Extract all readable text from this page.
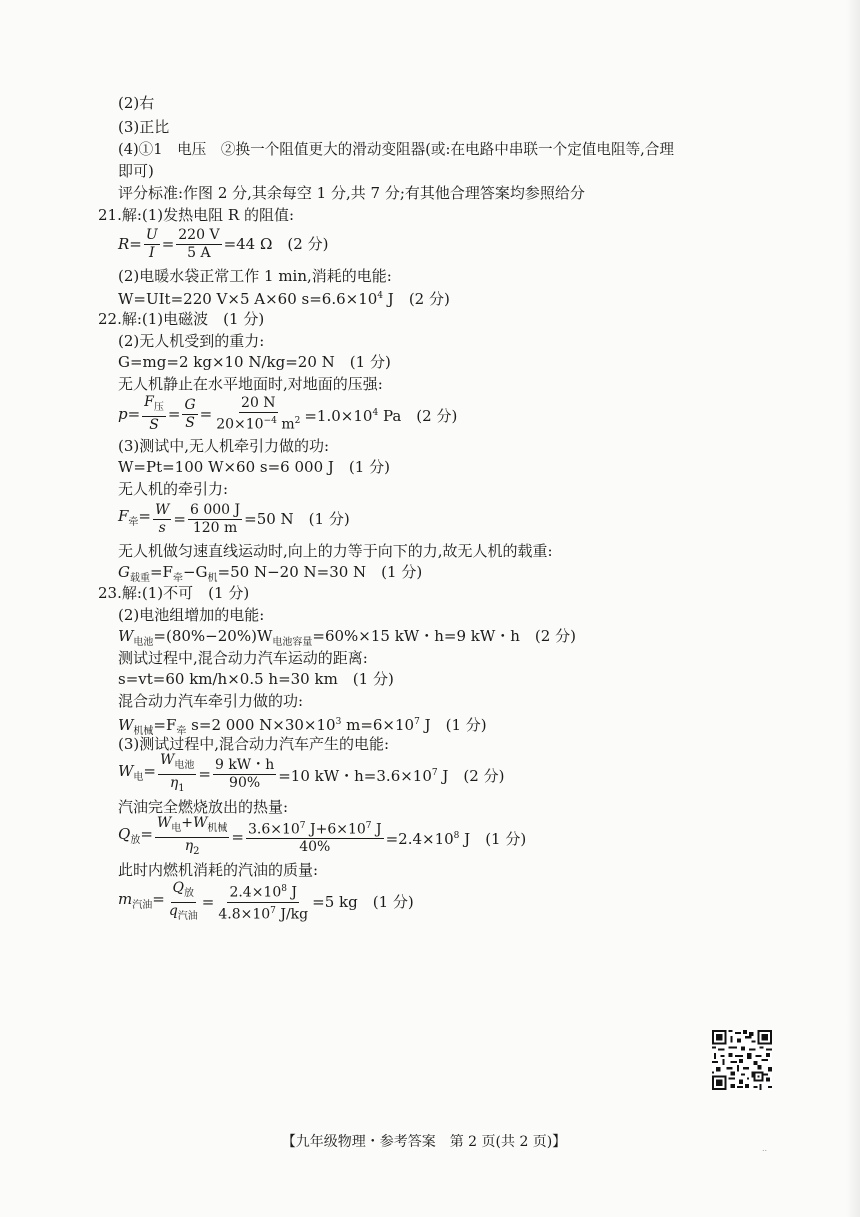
(2)右
(3)正比
(4)①1　电压　②换一个阻值更大的滑动变阻器(或:在电路中串联一个定值电阻等,合理
即可)
评分标准:作图 2 分,其余每空 1 分,共 7 分;有其他合理答案均参照给分
21.解:(1)发热电阻 R 的阻值:
$R= \frac{U}{I} = \frac{220 V}{5 A} =44$ Ω　(2 分)
(2)电暖水袋正常工作 1 min,消耗的电能:
W=UIt=220 V×5 A×60 $s=6.6\times 10^4$ J　(2 分)
22.解:(1)电磁波　(1 分)
(2)无人机受到的重力:
G=mg=2 kg×10 N/kg=20 N　(1 分)
无人机静止在水平地面时,对地面的压强:
$p= \frac{F_压}{S} = \frac{G}{S} = \frac{20 N}{20\times 10^{-4} m^2} =1.0\times 10^4$ Pa　(2 分)
(3)测试中,无人机牵引力做的功:
W=Pt=100 W×60 s=6 000 J　(1 分)
无人机的牵引力:
$F_牵= \frac{W}{s} = \frac{6 000 J}{120 m} =50$ N　(1 分)
无人机做匀速直线运动时,向上的力等于向下的力,故无人机的载重:
$G_{载重}=F_牵-G_机=50$ N−20 N=30 N　(1 分)
23.解:(1)不可　(1 分)
(2)电池组增加的电能:
$W_{电池}=(80\%-20\%)W_{电池容量}=60\%\times 15$ kW・h=9 kW・h　(2 分)
测试过程中,混合动力汽车运动的距离:
s=vt=60 km/h×0.5 h=30 km　(1 分)
混合动力汽车牵引力做的功:
$W_{机械}=F_牵$ s=2 000 $N\times 30\times 10^3$ $m=6\times 10^7$ J　(1 分)
(3)测试过程中,混合动力汽车产生的电能:
$W_电= \frac{W_{电池}}{\eta_1} = \frac{9 kW・h}{90\%} =10$ kW・$h=3.6\times 10^7$ J　(2 分)
汽油完全燃烧放出的热量:
$Q_放= \frac{W_电+W_{机械}}{\eta_2} = \frac{3.6\times 10^7 J+6\times 10^7 J}{40\%} =2.4\times 10^8$ J　(1 分)
此时内燃机消耗的汽油的质量:
$m_{汽油}= \frac{Q_放}{q_{汽油}} = \frac{2.4\times 10^8 J}{4.8\times 10^7 J/kg} =5$ kg　(1 分)
【九年级物理・参考答案　第 2 页(共 2 页)】	..
